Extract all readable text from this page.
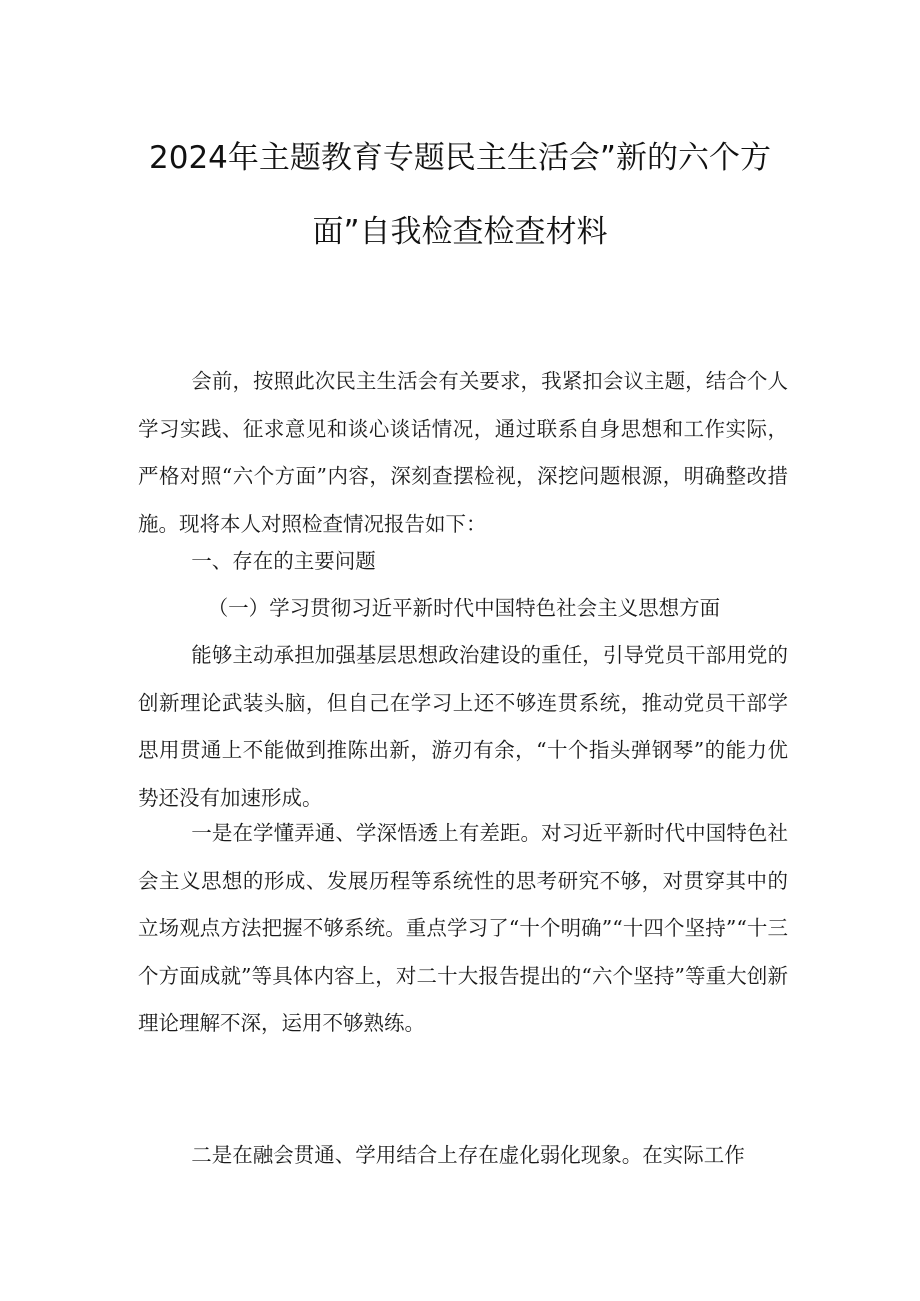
2024年主题教育专题民主生活会”新的六个方
面”自我检查检查材料

会前，按照此次民主生活会有关要求，我紧扣会议主题，结合个人学习实践、征求意见和谈心谈话情况，通过联系自身思想和工作实际，严格对照“六个方面”内容，深刻查摆检视，深挖问题根源，明确整改措施。现将本人对照检查情况报告如下：

一、存在的主要问题

（一）学习贯彻习近平新时代中国特色社会主义思想方面

能够主动承担加强基层思想政治建设的重任，引导党员干部用党的创新理论武装头脑，但自己在学习上还不够连贯系统，推动党员干部学思用贯通上不能做到推陈出新，游刃有余，“十个指头弹钢琴”的能力优势还没有加速形成。

一是在学懂弄通、学深悟透上有差距。对习近平新时代中国特色社会主义思想的形成、发展历程等系统性的思考研究不够，对贯穿其中的立场观点方法把握不够系统。重点学习了“十个明确”“十四个坚持”“十三个方面成就”等具体内容上，对二十大报告提出的“六个坚持”等重大创新理论理解不深，运用不够熟练。

二是在融会贯通、学用结合上存在虚化弱化现象。在实际工作
